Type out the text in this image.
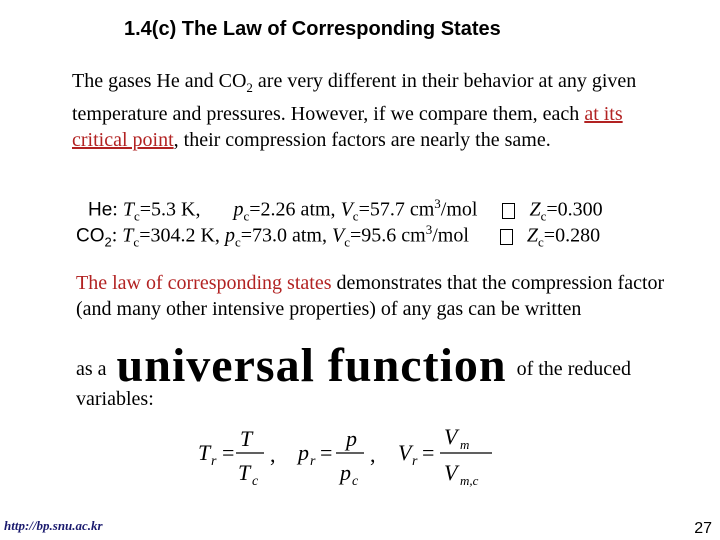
1.4(c) The Law of Corresponding States
The gases He and $CO_2$ are very different in their behavior at any given temperature and pressures. However, if we compare them, each at its critical point, their compression factors are nearly the same.
He: $T_c=5.3$ K, $p_c=2.26$ atm, $V_c=57.7$ $cm^3$/mol	$Z_c=0.300$
$CO_2$: $T_c=304.2$ K, $p_c=73.0$ atm, $V_c=95.6$ $cm^3$/mol	$Z_c=0.280$
The law of corresponding states demonstrates that the compression factor (and many other intensive properties) of any gas can be written
as a universal function of the reduced
variables:
T r =
T
T c
, p r =
p
p c
, V r =
V m
V m,c
http://bp.snu.ac.kr	27
